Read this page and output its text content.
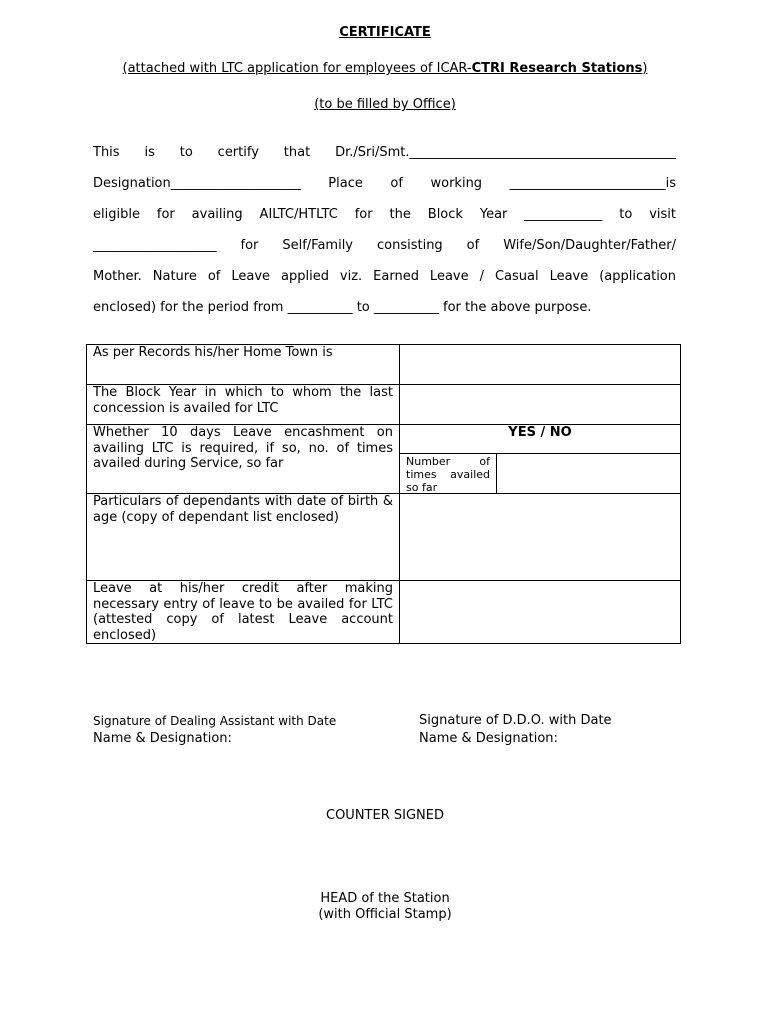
CERTIFICATE
(attached with LTC application for employees of ICAR-CTRI Research Stations)
(to be filled by Office)
This is to certify that Dr./Sri/Smt._________________________________________
Designation____________________ Place of working ________________________is
eligible for availing AILTC/HTLTC for the Block Year ____________ to visit
___________________ for Self/Family consisting of Wife/Son/Daughter/Father/
Mother. Nature of Leave applied viz. Earned Leave / Casual Leave (application
enclosed) for the period from __________ to __________ for the above purpose.
As per Records his/her Home Town is	

The Block Year in which to whom the last concession is availed for LTC	

Whether 10 days Leave encashment on availing LTC is required, if so, no. of times availed during Service, so far	YES / NO
Number of times availed so far

Particulars of dependants with date of birth & age (copy of dependant list enclosed)	

Leave at his/her credit after making necessary entry of leave to be availed for LTC (attested copy of latest Leave account enclosed)	

Signature of Dealing Assistant with Date
Name & Designation:
Signature of D.D.O. with Date
Name & Designation:
COUNTER SIGNED
HEAD of the Station
(with Official Stamp)
